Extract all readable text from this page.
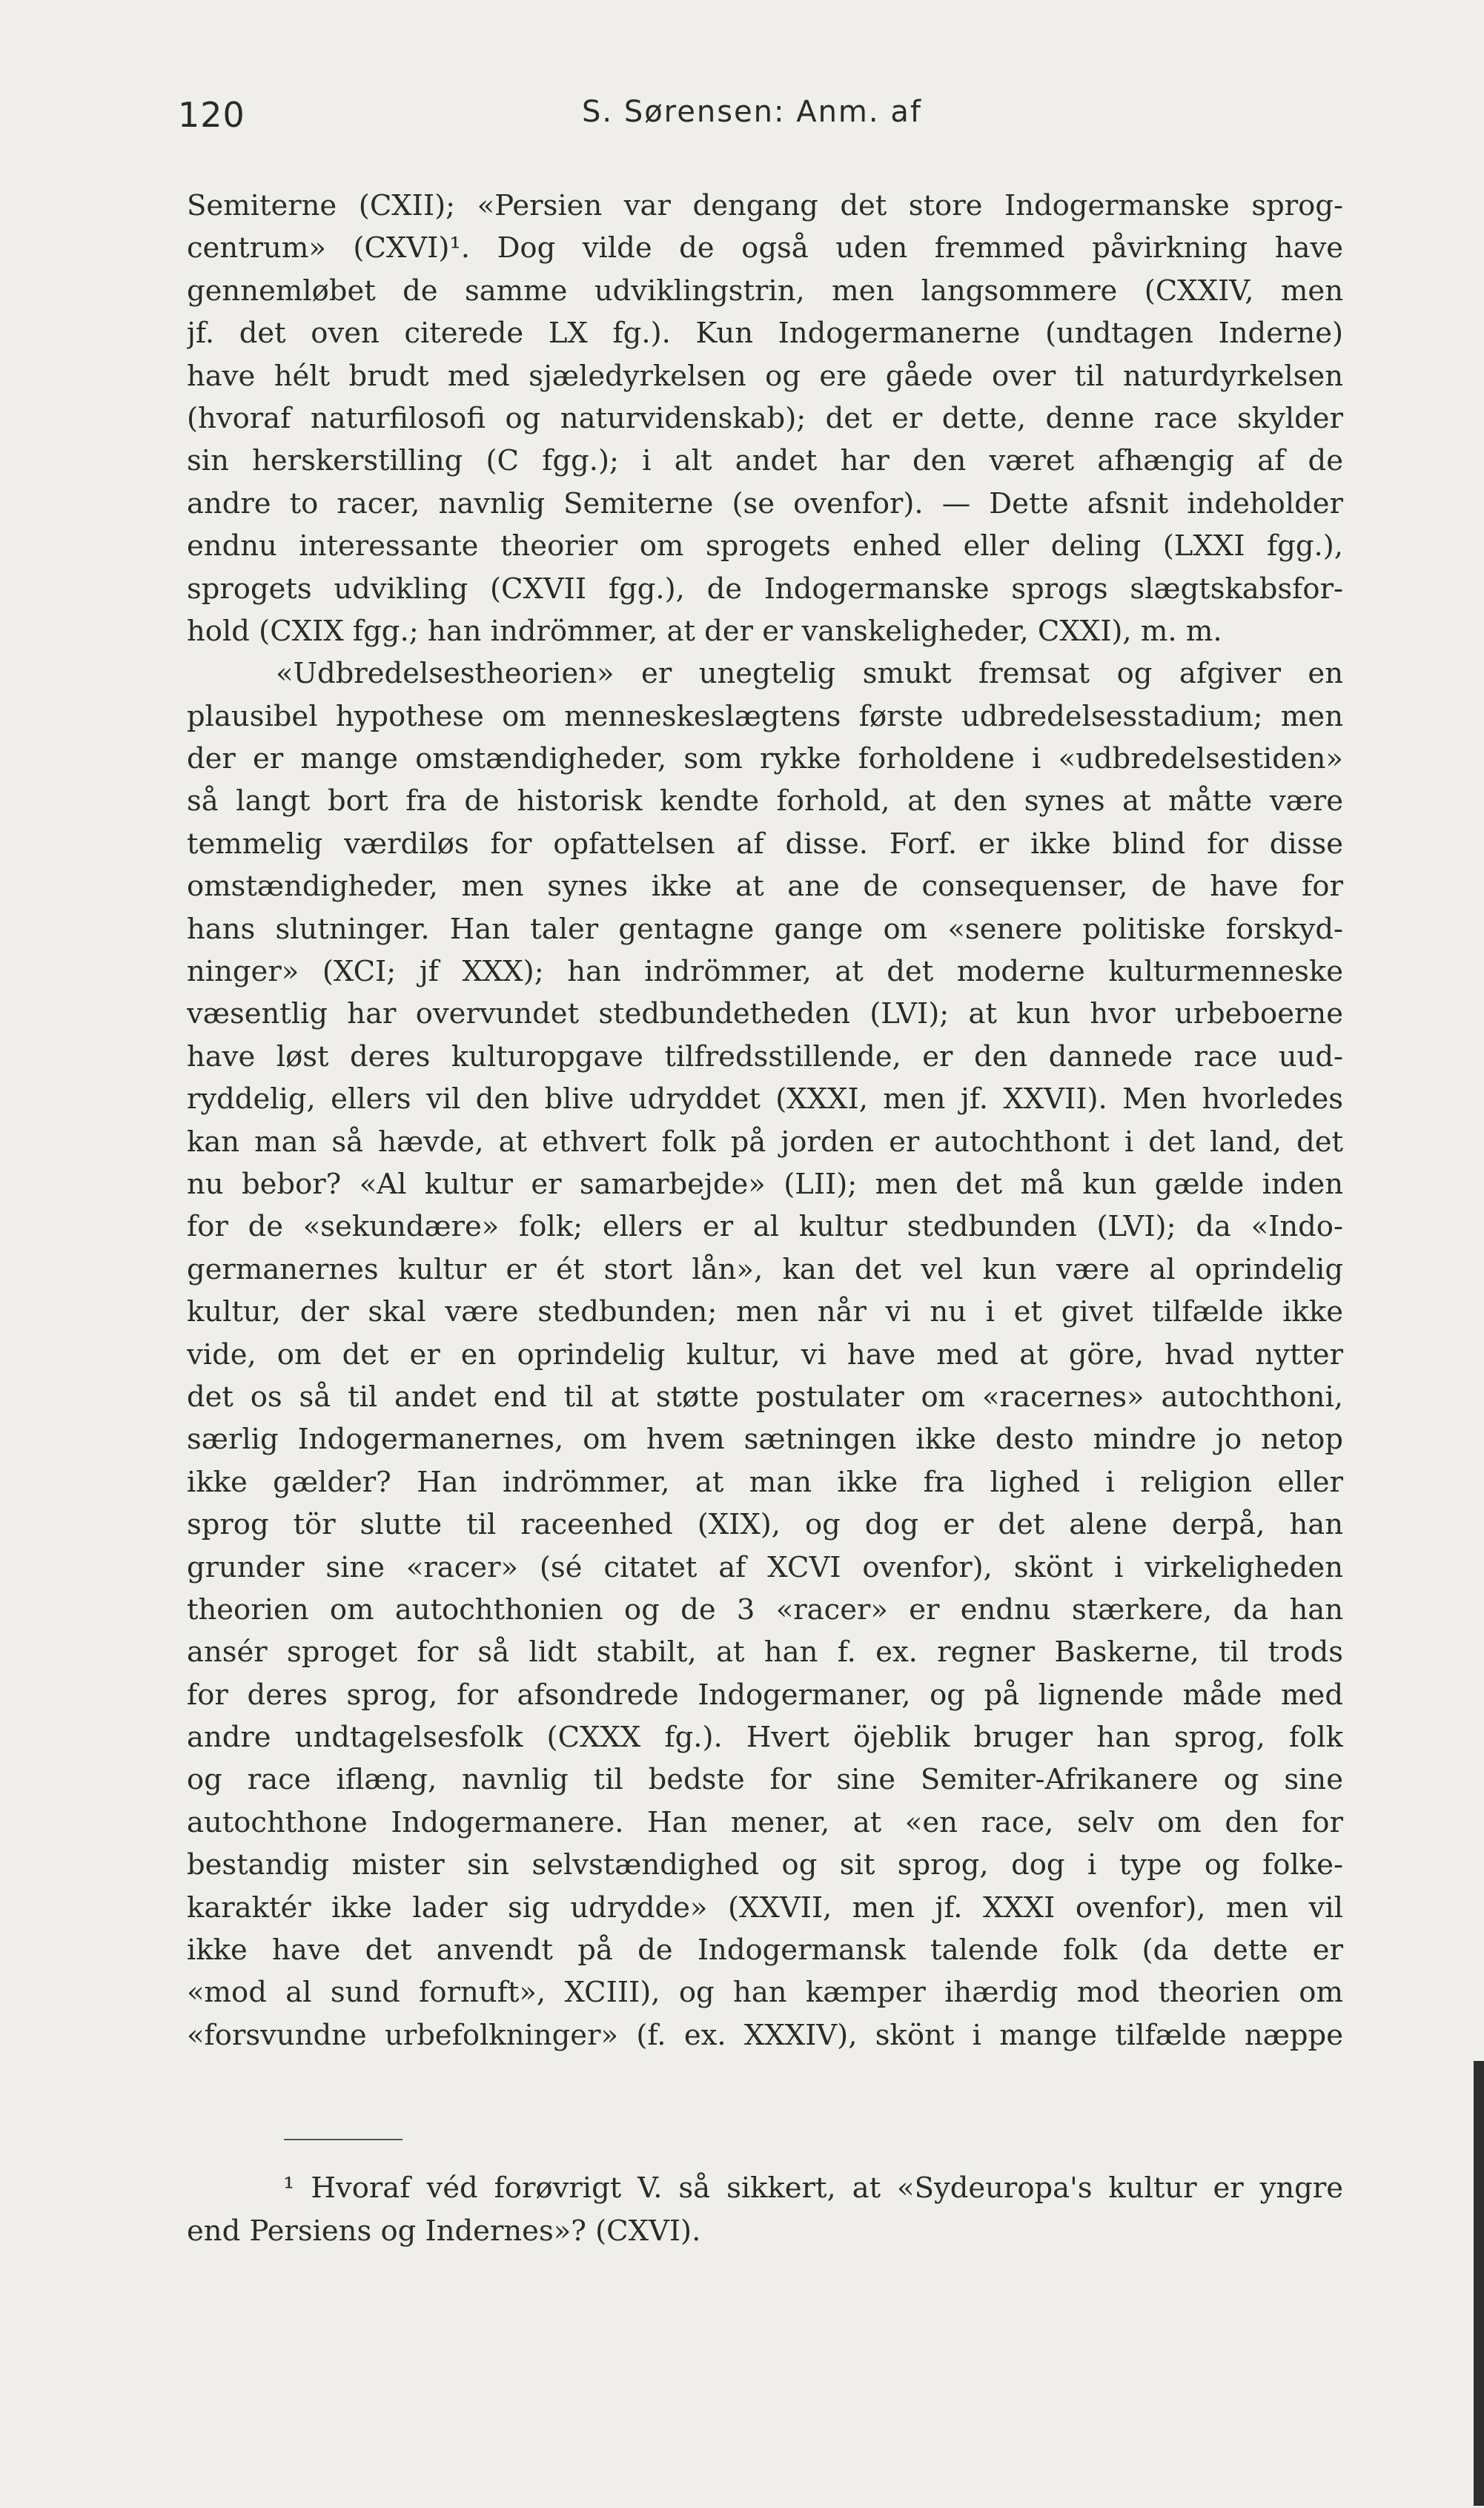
120	S. Sørensen: Anm. af
Semiterne (CXII); «Persien var dengang det store Indogermanske sprog-
centrum» (CXVI)¹. Dog vilde de også uden fremmed påvirkning have
gennemløbet de samme udviklingstrin, men langsommere (CXXIV, men
jf. det oven citerede LX fg.). Kun Indogermanerne (undtagen Inderne)
have hélt brudt med sjæledyrkelsen og ere gåede over til naturdyrkelsen
(hvoraf naturfilosofi og naturvidenskab); det er dette, denne race skylder
sin herskerstilling (C fgg.); i alt andet har den været afhængig af de
andre to racer, navnlig Semiterne (se ovenfor). — Dette afsnit indeholder
endnu interessante theorier om sprogets enhed eller deling (LXXI fgg.),
sprogets udvikling (CXVII fgg.), de Indogermanske sprogs slægtskabsfor-
hold (CXIX fgg.; han indrömmer, at der er vanskeligheder, CXXI), m. m.
«Udbredelsestheorien» er unegtelig smukt fremsat og afgiver en
plausibel hypothese om menneskeslægtens første udbredelsesstadium; men
der er mange omstændigheder, som rykke forholdene i «udbredelsestiden»
så langt bort fra de historisk kendte forhold, at den synes at måtte være
temmelig værdiløs for opfattelsen af disse. Forf. er ikke blind for disse
omstændigheder, men synes ikke at ane de consequenser, de have for
hans slutninger. Han taler gentagne gange om «senere politiske forskyd-
ninger» (XCI; jf XXX); han indrömmer, at det moderne kulturmenneske
væsentlig har overvundet stedbundetheden (LVI); at kun hvor urbeboerne
have løst deres kulturopgave tilfredsstillende, er den dannede race uud-
ryddelig, ellers vil den blive udryddet (XXXI, men jf. XXVII). Men hvorledes
kan man så hævde, at ethvert folk på jorden er autochthont i det land, det
nu bebor? «Al kultur er samarbejde» (LII); men det må kun gælde inden
for de «sekundære» folk; ellers er al kultur stedbunden (LVI); da «Indo-
germanernes kultur er ét stort lån», kan det vel kun være al oprindelig
kultur, der skal være stedbunden; men når vi nu i et givet tilfælde ikke
vide, om det er en oprindelig kultur, vi have med at göre, hvad nytter
det os så til andet end til at støtte postulater om «racernes» autochthoni,
særlig Indogermanernes, om hvem sætningen ikke desto mindre jo netop
ikke gælder? Han indrömmer, at man ikke fra lighed i religion eller
sprog tör slutte til raceenhed (XIX), og dog er det alene derpå, han
grunder sine «racer» (sé citatet af XCVI ovenfor), skönt i virkeligheden
theorien om autochthonien og de 3 «racer» er endnu stærkere, da han
ansér sproget for så lidt stabilt, at han f. ex. regner Baskerne, til trods
for deres sprog, for afsondrede Indogermaner, og på lignende måde med
andre undtagelsesfolk (CXXX fg.). Hvert öjeblik bruger han sprog, folk
og race iflæng, navnlig til bedste for sine Semiter-Afrikanere og sine
autochthone Indogermanere. Han mener, at «en race, selv om den for
bestandig mister sin selvstændighed og sit sprog, dog i type og folke-
karaktér ikke lader sig udrydde» (XXVII, men jf. XXXI ovenfor), men vil
ikke have det anvendt på de Indogermansk talende folk (da dette er
«mod al sund fornuft», XCIII), og han kæmper ihærdig mod theorien om
«forsvundne urbefolkninger» (f. ex. XXXIV), skönt i mange tilfælde næppe
¹ Hvoraf véd forøvrigt V. så sikkert, at «Sydeuropa's kultur er yngre
end Persiens og Indernes»? (CXVI).
